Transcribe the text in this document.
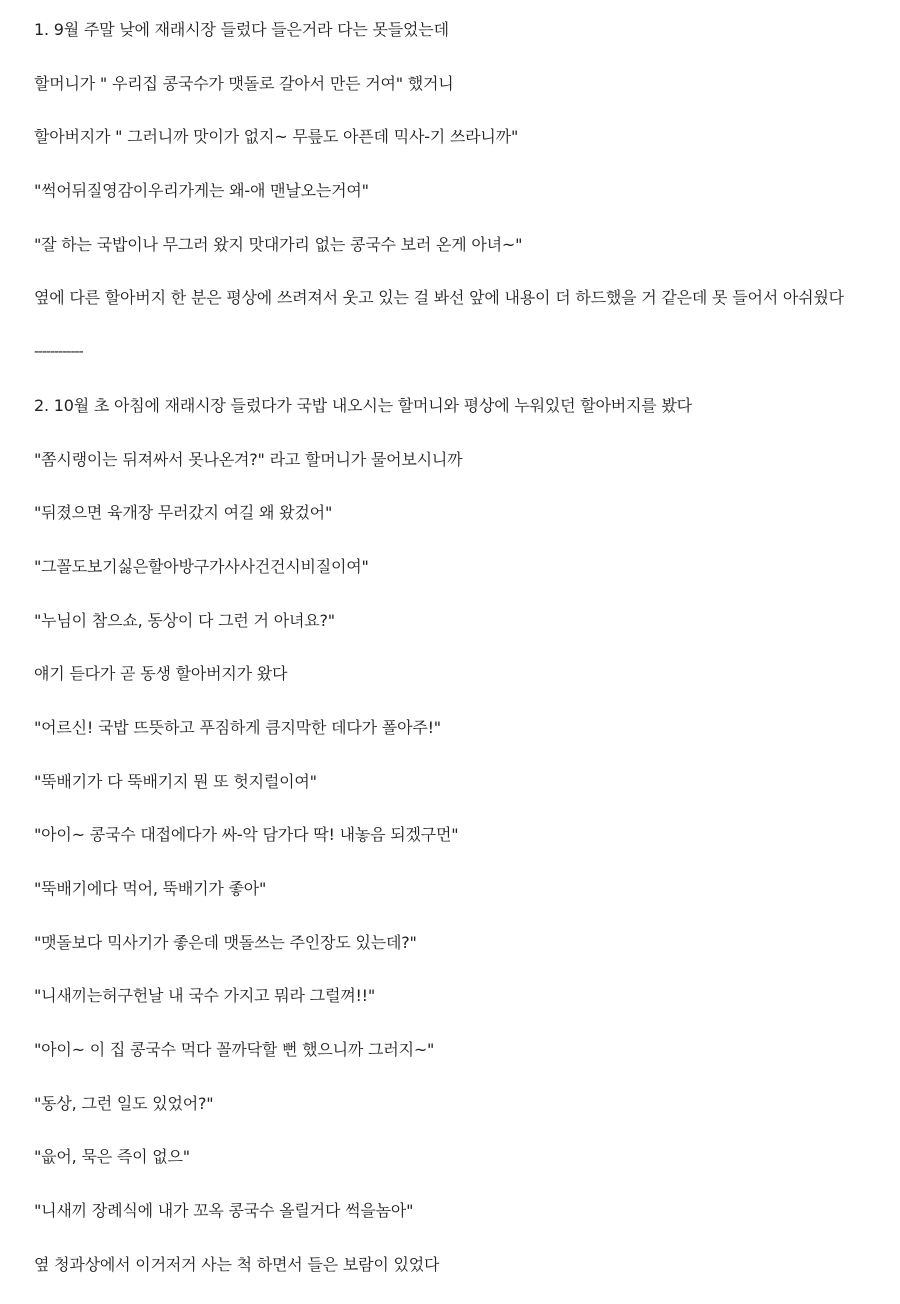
1. 9월 주말 낮에 재래시장 들렀다 들은거라 다는 못들었는데
할머니가 " 우리집 콩국수가 맷돌로 갈아서 만든 거여" 했거니
할아버지가 " 그러니까 맛이가 없지~ 무릎도 아픈데 믹사-기 쓰라니까"
"썩어뒤질영감이우리가게는 왜-애 맨날오는거여"
"잘 하는 국밥이나 무그러 왔지 맛대가리 없는 콩국수 보러 온게 아녀~"
옆에 다른 할아버지 한 분은 평상에 쓰려져서 웃고 있는 걸 봐선 앞에 내용이 더 하드했을 거 같은데 못 들어서 아쉬웠다
------------
2. 10월 초 아침에 재래시장 들렀다가 국밥 내오시는 할머니와 평상에 누워있던 할아버지를 봤다
"쫌시랭이는 뒤져싸서 못나온겨?" 라고 할머니가 물어보시니까
"뒤졌으면 육개장 무러갔지 여길 왜 왔겄어"
"그꼴도보기싫은할아방구가사사건건시비질이여"
"누님이 참으쇼, 동상이 다 그런 거 아녀요?"
얘기 듣다가 곧 동생 할아버지가 왔다
"어르신! 국밥 뜨뜻하고 푸짐하게 큼지막한 데다가 폴아주!"
"뚝배기가 다 뚝배기지 뭔 또 헛지럴이여"
"아이~ 콩국수 대접에다가 싸-악 담가다 딱! 내놓음 되겠구먼"
"뚝배기에다 먹어, 뚝배기가 좋아"
"맷돌보다 믹사기가 좋은데 맷돌쓰는 주인장도 있는데?"
"니새끼는허구헌날 내 국수 가지고 뭐라 그럴껴!!"
"아이~ 이 집 콩국수 먹다 꼴까닥할 뻔 했으니까 그러지~"
"동상, 그런 일도 있었어?"
"읎어, 묵은 즉이 없으"
"니새끼 장례식에 내가 꼬옥 콩국수 올릴거다 썩을놈아"
옆 청과상에서 이거저거 사는 척 하면서 들은 보람이 있었다
